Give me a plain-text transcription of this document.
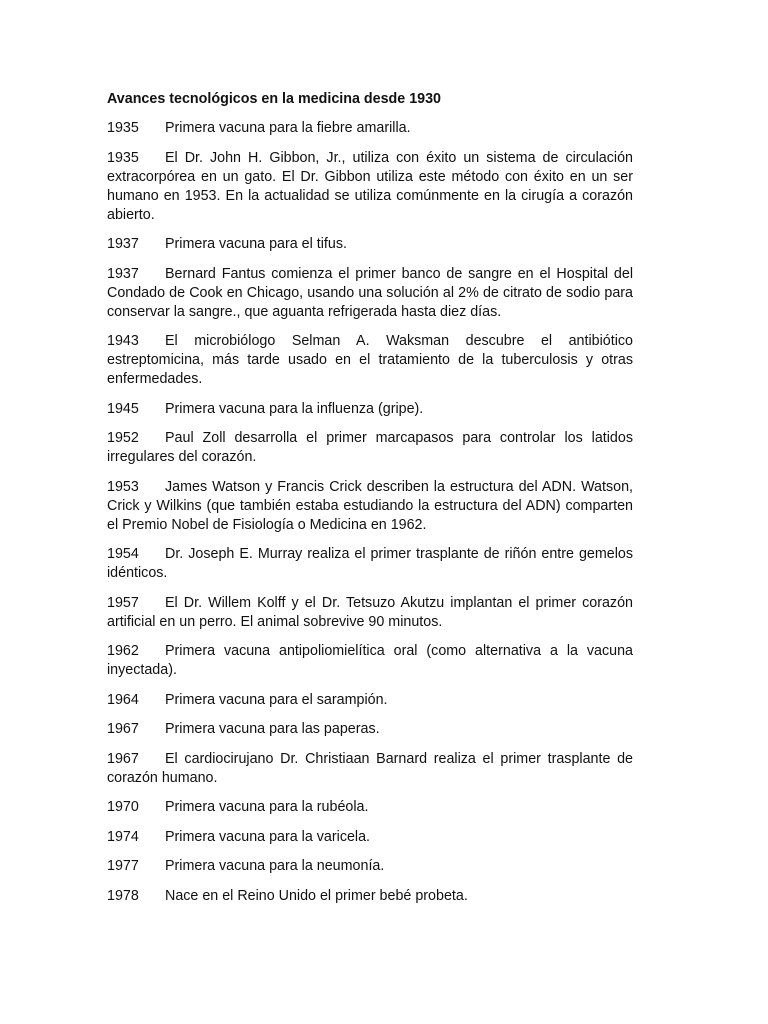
Avances tecnológicos en la medicina desde 1930
1935 Primera vacuna para la fiebre amarilla.
1935 El Dr. John H. Gibbon, Jr., utiliza con éxito un sistema de circulación extracorpórea en un gato. El Dr. Gibbon utiliza este método con éxito en un ser humano en 1953. En la actualidad se utiliza comúnmente en la cirugía a corazón abierto.
1937 Primera vacuna para el tifus.
1937 Bernard Fantus comienza el primer banco de sangre en el Hospital del Condado de Cook en Chicago, usando una solución al 2% de citrato de sodio para conservar la sangre., que aguanta refrigerada hasta diez días.
1943 El microbiólogo Selman A. Waksman descubre el antibiótico estreptomicina, más tarde usado en el tratamiento de la tuberculosis y otras enfermedades.
1945 Primera vacuna para la influenza (gripe).
1952 Paul Zoll desarrolla el primer marcapasos para controlar los latidos irregulares del corazón.
1953 James Watson y Francis Crick describen la estructura del ADN. Watson, Crick y Wilkins (que también estaba estudiando la estructura del ADN) comparten el Premio Nobel de Fisiología o Medicina en 1962.
1954 Dr. Joseph E. Murray realiza el primer trasplante de riñón entre gemelos idénticos.
1957 El Dr. Willem Kolff y el Dr. Tetsuzo Akutzu implantan el primer corazón artificial en un perro. El animal sobrevive 90 minutos.
1962 Primera vacuna antipoliomielítica oral (como alternativa a la vacuna inyectada).
1964 Primera vacuna para el sarampión.
1967 Primera vacuna para las paperas.
1967 El cardiocirujano Dr. Christiaan Barnard realiza el primer trasplante de corazón humano.
1970 Primera vacuna para la rubéola.
1974 Primera vacuna para la varicela.
1977 Primera vacuna para la neumonía.
1978 Nace en el Reino Unido el primer bebé probeta.
